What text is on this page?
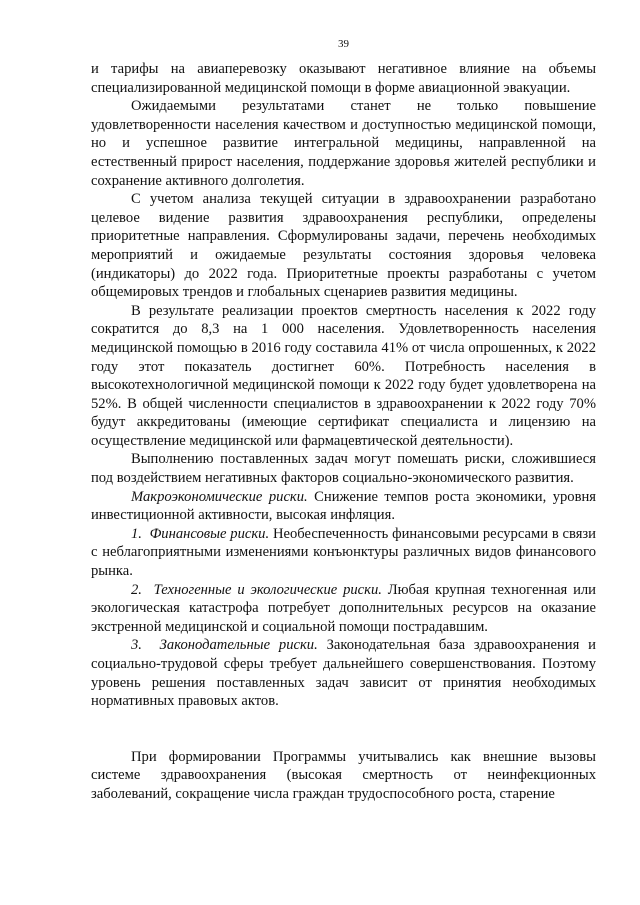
39

и тарифы на авиаперевозку оказывают негативное влияние на объемы специализированной медицинской помощи в форме авиационной эвакуации.

Ожидаемыми результатами станет не только повышение удовлетворенности населения качеством и доступностью медицинской помощи, но и успешное развитие интегральной медицины, направленной на естественный прирост населения, поддержание здоровья жителей республики и сохранение активного долголетия.

С учетом анализа текущей ситуации в здравоохранении разработано целевое видение развития здравоохранения республики, определены приоритетные направления. Сформулированы задачи, перечень необходимых мероприятий и ожидаемые результаты состояния здоровья человека (индикаторы) до 2022 года. Приоритетные проекты разработаны с учетом общемировых трендов и глобальных сценариев развития медицины.

В результате реализации проектов смертность населения к 2022 году сократится до 8,3 на 1 000 населения. Удовлетворенность населения медицинской помощью в 2016 году составила 41% от числа опрошенных, к 2022 году этот показатель достигнет 60%. Потребность населения в высокотехнологичной медицинской помощи к 2022 году будет удовлетворена на 52%. В общей численности специалистов в здравоохранении к 2022 году 70% будут аккредитованы (имеющие сертификат специалиста и лицензию на осуществление медицинской или фармацевтической деятельности).

Выполнению поставленных задач могут помешать риски, сложившиеся под воздействием негативных факторов социально-экономического развития.

Макроэкономические риски. Снижение темпов роста экономики, уровня инвестиционной активности, высокая инфляция.

1. Финансовые риски. Необеспеченность финансовыми ресурсами в связи с неблагоприятными изменениями конъюнктуры различных видов финансового рынка.

2. Техногенные и экологические риски. Любая крупная техногенная или экологическая катастрофа потребует дополнительных ресурсов на оказание экстренной медицинской и социальной помощи пострадавшим.

3. Законодательные риски. Законодательная база здравоохранения и социально-трудовой сферы требует дальнейшего совершенствования. Поэтому уровень решения поставленных задач зависит от принятия необходимых нормативных правовых актов.

При формировании Программы учитывались как внешние вызовы системе здравоохранения (высокая смертность от неинфекционных заболеваний, сокращение числа граждан трудоспособного роста, старение
